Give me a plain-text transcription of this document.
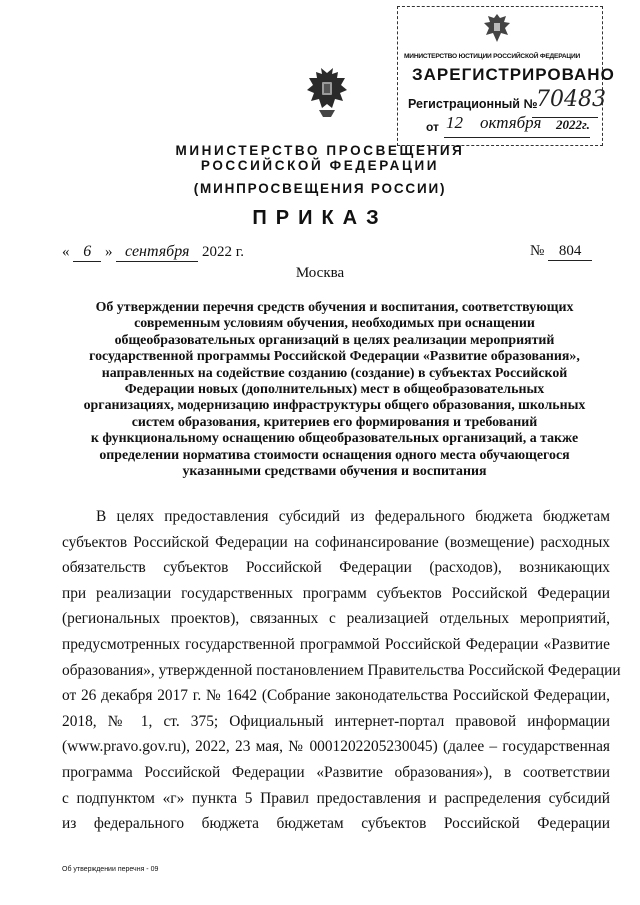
МИНИСТЕРСТВО ЮСТИЦИИ РОССИЙСКОЙ ФЕДЕРАЦИИ
ЗАРЕГИСТРИРОВАНО
Регистрационный №
70483
от 12 октября 2022г.
МИНИСТЕРСТВО ПРОСВЕЩЕНИЯ
РОССИЙСКОЙ ФЕДЕРАЦИИ
(МИНПРОСВЕЩЕНИЯ РОССИИ)
ПРИКАЗ
« 6 » сентября 2022 г.	№ 804
Москва
Об утверждении перечня средств обучения и воспитания, соответствующих
современным условиям обучения, необходимых при оснащении
общеобразовательных организаций в целях реализации мероприятий
государственной программы Российской Федерации «Развитие образования»,
направленных на содействие созданию (создание) в субъектах Российской
Федерации новых (дополнительных) мест в общеобразовательных
организациях, модернизацию инфраструктуры общего образования, школьных
систем образования, критериев его формирования и требований
к функциональному оснащению общеобразовательных организаций, а также
определении норматива стоимости оснащения одного места обучающегося
указанными средствами обучения и воспитания
В целях предоставления субсидий из федерального бюджета бюджетам
субъектов Российской Федерации на софинансирование (возмещение) расходных
обязательств субъектов Российской Федерации (расходов), возникающих
при реализации государственных программ субъектов Российской Федерации
(региональных проектов), связанных с реализацией отдельных мероприятий,
предусмотренных государственной программой Российской Федерации «Развитие
образования», утвержденной постановлением Правительства Российской Федерации
от 26 декабря 2017 г. № 1642 (Собрание законодательства Российской Федерации,
2018, № 1, ст. 375; Официальный интернет-портал правовой информации
(www.pravo.gov.ru), 2022, 23 мая, № 0001202205230045) (далее – государственная
программа Российской Федерации «Развитие образования»), в соответствии
с подпунктом «г» пункта 5 Правил предоставления и распределения субсидий
из федерального бюджета бюджетам субъектов Российской Федерации
Об утверждении перечня - 09
